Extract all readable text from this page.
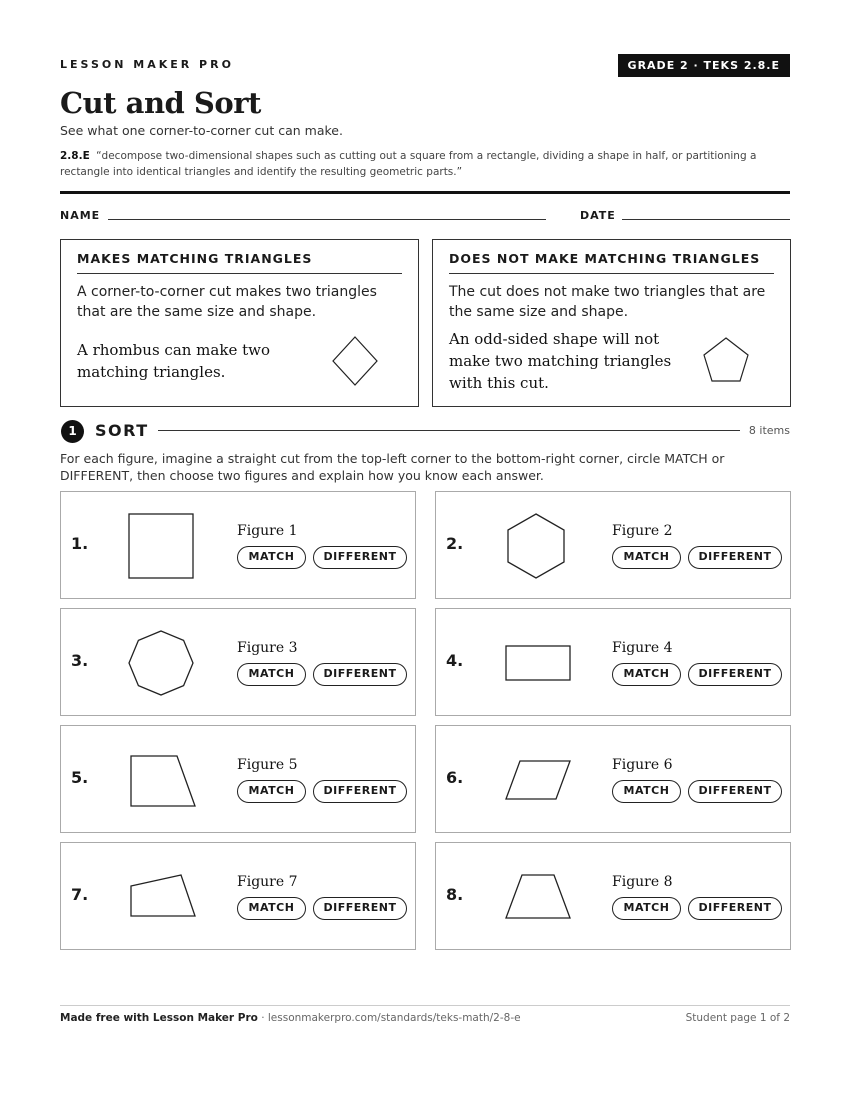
LESSON MAKER PRO	GRADE 2 · TEKS 2.8.E
Cut and Sort
See what one corner-to-corner cut can make.
2.8.E “decompose two-dimensional shapes such as cutting out a square from a rectangle, dividing a shape in half, or partitioning a rectangle into identical triangles and identify the resulting geometric parts.”
NAME	DATE
MAKES MATCHING TRIANGLES
A corner-to-corner cut makes two triangles that are the same size and shape.
A rhombus can make two matching triangles.
DOES NOT MAKE MATCHING TRIANGLES
The cut does not make two triangles that are the same size and shape.
An odd-sided shape will not make two matching triangles with this cut.
1	SORT	8 items
For each figure, imagine a straight cut from the top-left corner to the bottom-right corner, circle MATCH or DIFFERENT, then choose two figures and explain how you know each answer.
1.
Figure 1
MATCH	DIFFERENT
2.
Figure 2
MATCH	DIFFERENT
3.
Figure 3
MATCH	DIFFERENT
4.
Figure 4
MATCH	DIFFERENT
5.
Figure 5
MATCH	DIFFERENT
6.
Figure 6
MATCH	DIFFERENT
7.
Figure 7
MATCH	DIFFERENT
8.
Figure 8
MATCH	DIFFERENT
Made free with Lesson Maker Pro · lessonmakerpro.com/standards/teks-math/2-8-e	Student page 1 of 2
